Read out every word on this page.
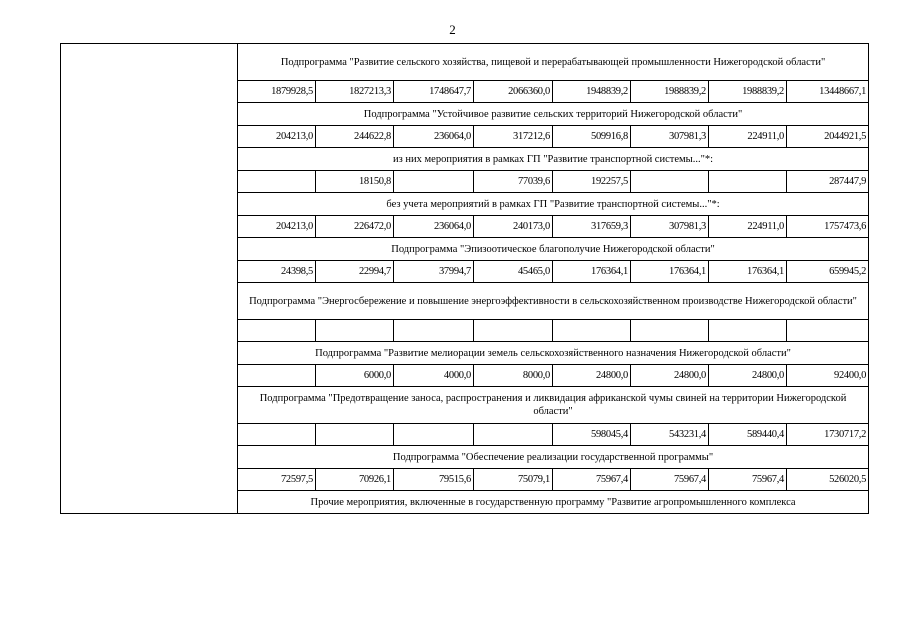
2
	Подпрограмма "Развитие сельского хозяйства, пищевой и перерабатывающей промышленности Нижегородской области"							
	1879928,5	1827213,3	1748647,7	2066360,0	1948839,2	1988839,2	1988839,2	13448667,1
	Подпрограмма "Устойчивое развитие сельских территорий Нижегородской области"							
	204213,0	244622,8	236064,0	317212,6	509916,8	307981,3	224911,0	2044921,5
	из них мероприятия в рамках ГП "Развитие транспортной системы..."*:							
		18150,8		77039,6	192257,5			287447,9
	без учета мероприятий в рамках ГП "Развитие транспортной системы..."*:							
	204213,0	226472,0	236064,0	240173,0	317659,3	307981,3	224911,0	1757473,6
	Подпрограмма "Эпизоотическое благополучие Нижегородской области"							
	24398,5	22994,7	37994,7	45465,0	176364,1	176364,1	176364,1	659945,2
	Подпрограмма "Энергосбережение и повышение энергоэффективности в сельскохозяйственном производстве Нижегородской области"							

	Подпрограмма "Развитие мелиорации земель сельскохозяйственного назначения Нижегородской области"							
		6000,0	4000,0	8000,0	24800,0	24800,0	24800,0	92400,0
	Подпрограмма "Предотвращение заноса, распространения и ликвидация африканской чумы свиней на территории Нижегородской области"							
					598045,4	543231,4	589440,4	1730717,2
	Подпрограмма "Обеспечение реализации государственной программы"							
	72597,5	70926,1	79515,6	75079,1	75967,4	75967,4	75967,4	526020,5
	Прочие мероприятия, включенные в государственную программу "Развитие агропромышленного комплекса							
